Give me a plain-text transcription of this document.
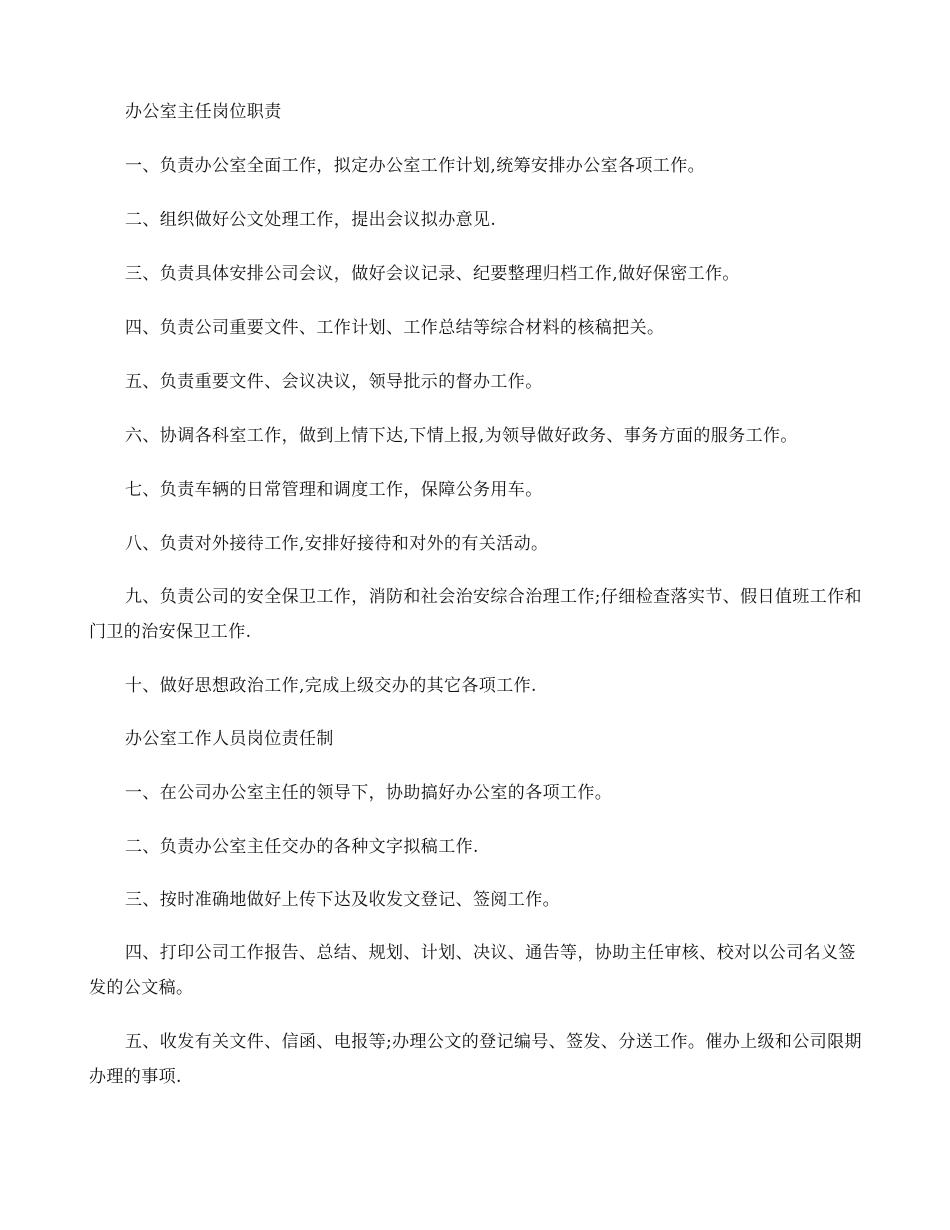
办公室主任岗位职责

一、负责办公室全面工作，拟定办公室工作计划,统筹安排办公室各项工作。

二、组织做好公文处理工作，提出会议拟办意见.

三、负责具体安排公司会议，做好会议记录、纪要整理归档工作,做好保密工作。

四、负责公司重要文件、工作计划、工作总结等综合材料的核稿把关。

五、负责重要文件、会议决议，领导批示的督办工作。

六、协调各科室工作，做到上情下达,下情上报,为领导做好政务、事务方面的服务工作。

七、负责车辆的日常管理和调度工作，保障公务用车。

八、负责对外接待工作,安排好接待和对外的有关活动。

九、负责公司的安全保卫工作，消防和社会治安综合治理工作;仔细检查落实节、假日值班工作和门卫的治安保卫工作.

十、做好思想政治工作,完成上级交办的其它各项工作.

办公室工作人员岗位责任制

一、在公司办公室主任的领导下，协助搞好办公室的各项工作。

二、负责办公室主任交办的各种文字拟稿工作.

三、按时准确地做好上传下达及收发文登记、签阅工作。

四、打印公司工作报告、总结、规划、计划、决议、通告等，协助主任审核、校对以公司名义签发的公文稿。

五、收发有关文件、信函、电报等;办理公文的登记编号、签发、分送工作。催办上级和公司限期办理的事项.
